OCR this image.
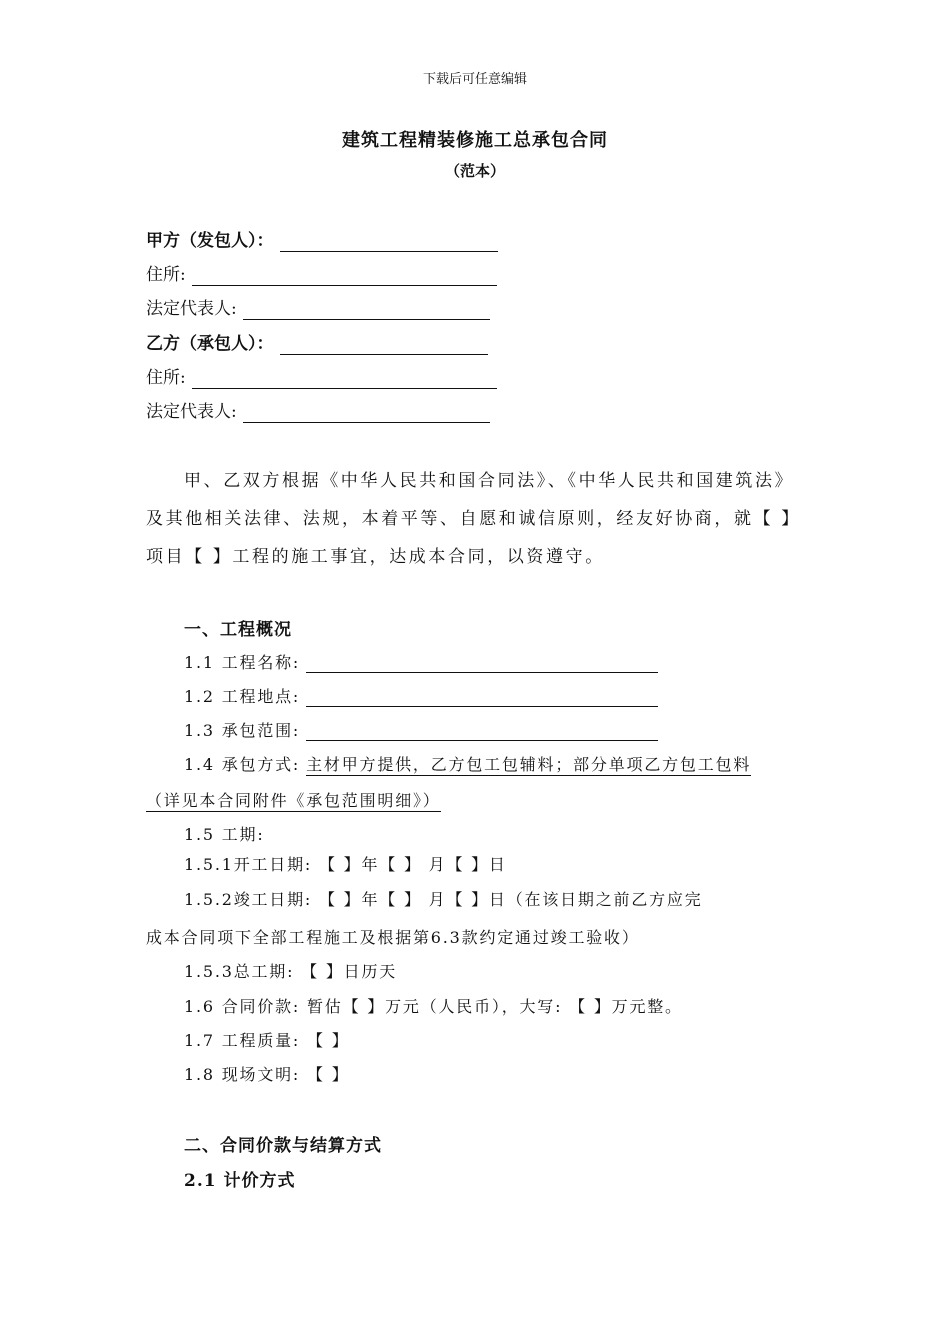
下载后可任意编辑
建筑工程精装修施工总承包合同
（范本）
甲方（发包人）：
住所:
法定代表人:
乙方（承包人）：
住所:
法定代表人:
甲、乙双方根据《中华人民共和国合同法》、《中华人民共和国建筑法》
及其他相关法律、法规，本着平等、自愿和诚信原则，经友好协商，就【 】
项目【 】工程的施工事宜，达成本合同，以资遵守。
一、工程概况
1.1 工程名称:
1.2 工程地点:
1.3 承包范围:
1.4 承包方式: 主材甲方提供，乙方包工包辅料；部分单项乙方包工包料
（详见本合同附件《承包范围明细》）
1.5 工期:
1.5.1开工日期: 【 】年【 】 月【 】日
1.5.2竣工日期: 【 】年【 】 月【 】日（在该日期之前乙方应完
成本合同项下全部工程施工及根据第6.3款约定通过竣工验收）
1.5.3总工期: 【 】日历天
1.6 合同价款: 暂估【 】万元（人民币），大写: 【 】万元整。
1.7 工程质量: 【 】
1.8 现场文明: 【 】
二、合同价款与结算方式
2.1 计价方式
